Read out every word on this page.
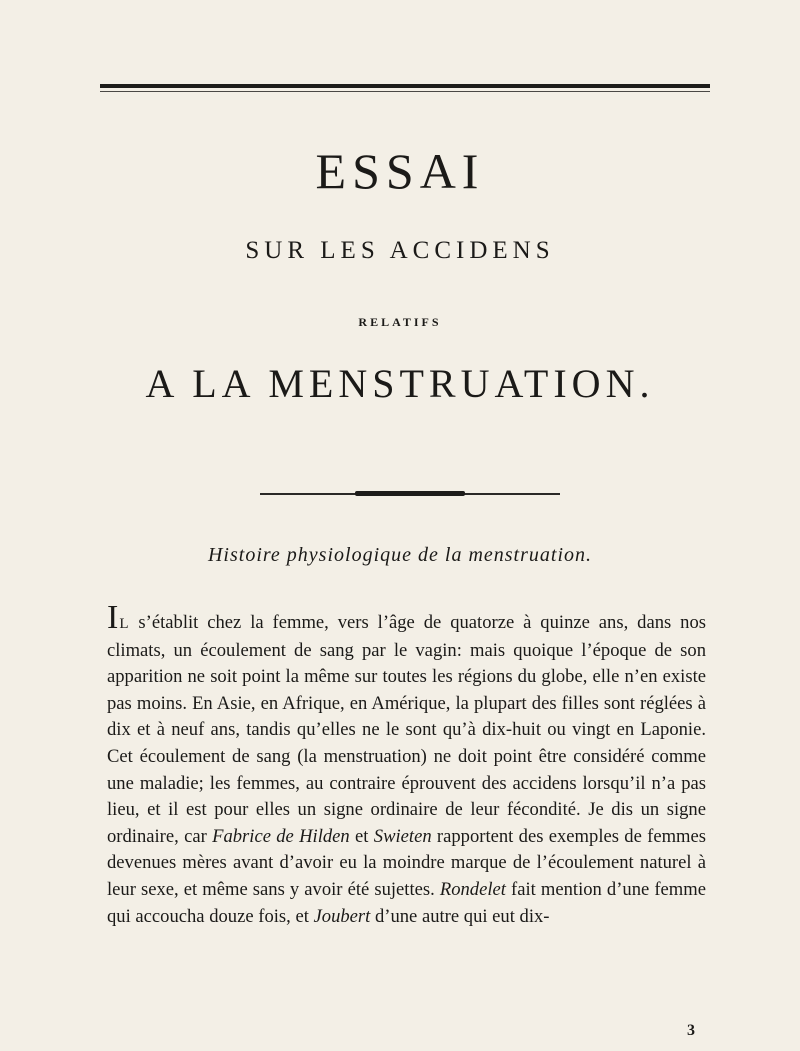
ESSAI
SUR LES ACCIDENS
RELATIFS
A LA MENSTRUATION.
Histoire physiologique de la menstruation.

IL s’établit chez la femme, vers l’âge de quatorze à quinze ans, dans nos climats, un écoulement de sang par le vagin: mais quoique l’époque de son apparition ne soit point la même sur toutes les régions du globe, elle n’en existe pas moins. En Asie, en Afrique, en Amérique, la plupart des filles sont réglées à dix et à neuf ans, tandis qu’elles ne le sont qu’à dix-huit ou vingt en Laponie. Cet écoulement de sang (la menstruation) ne doit point être considéré comme une maladie; les femmes, au contraire éprouvent des accidens lorsqu’il n’a pas lieu, et il est pour elles un signe ordinaire de leur fécondité. Je dis un signe ordinaire, car Fabrice de Hilden et Swieten rapportent des exemples de femmes devenues mères avant d’avoir eu la moindre marque de l’écoulement naturel à leur sexe, et même sans y avoir été sujettes. Rondelet fait mention d’une femme qui accoucha douze fois, et Joubert d’une autre qui eut dix-

3
